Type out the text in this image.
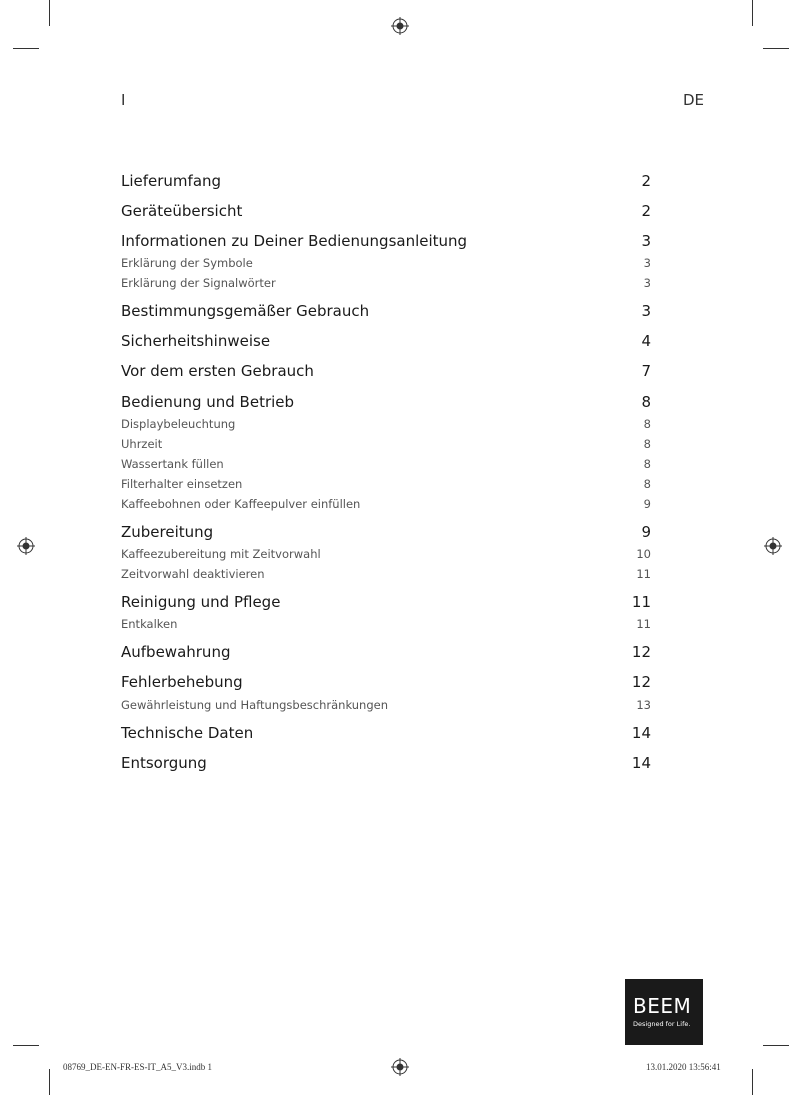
I	DE
Lieferumfang	2
Geräteübersicht	2
Informationen zu Deiner Bedienungsanleitung	3
Erklärung der Symbole	3
Erklärung der Signalwörter	3
Bestimmungsgemäßer Gebrauch	3
Sicherheitshinweise	4
Vor dem ersten Gebrauch	7
Bedienung und Betrieb	8
Displaybeleuchtung	8
Uhrzeit	8
Wassertank füllen	8
Filterhalter einsetzen	8
Kaffeebohnen oder Kaffeepulver einfüllen	9
Zubereitung	9
Kaffeezubereitung mit Zeitvorwahl	10
Zeitvorwahl deaktivieren	11
Reinigung und Pflege	11
Entkalken	11
Aufbewahrung	12
Fehlerbehebung	12
Gewährleistung und Haftungsbeschränkungen	13
Technische Daten	14
Entsorgung	14
BEEM
Designed for Life.
08769_DE-EN-FR-ES-IT_A5_V3.indb 1	13.01.2020 13:56:41
